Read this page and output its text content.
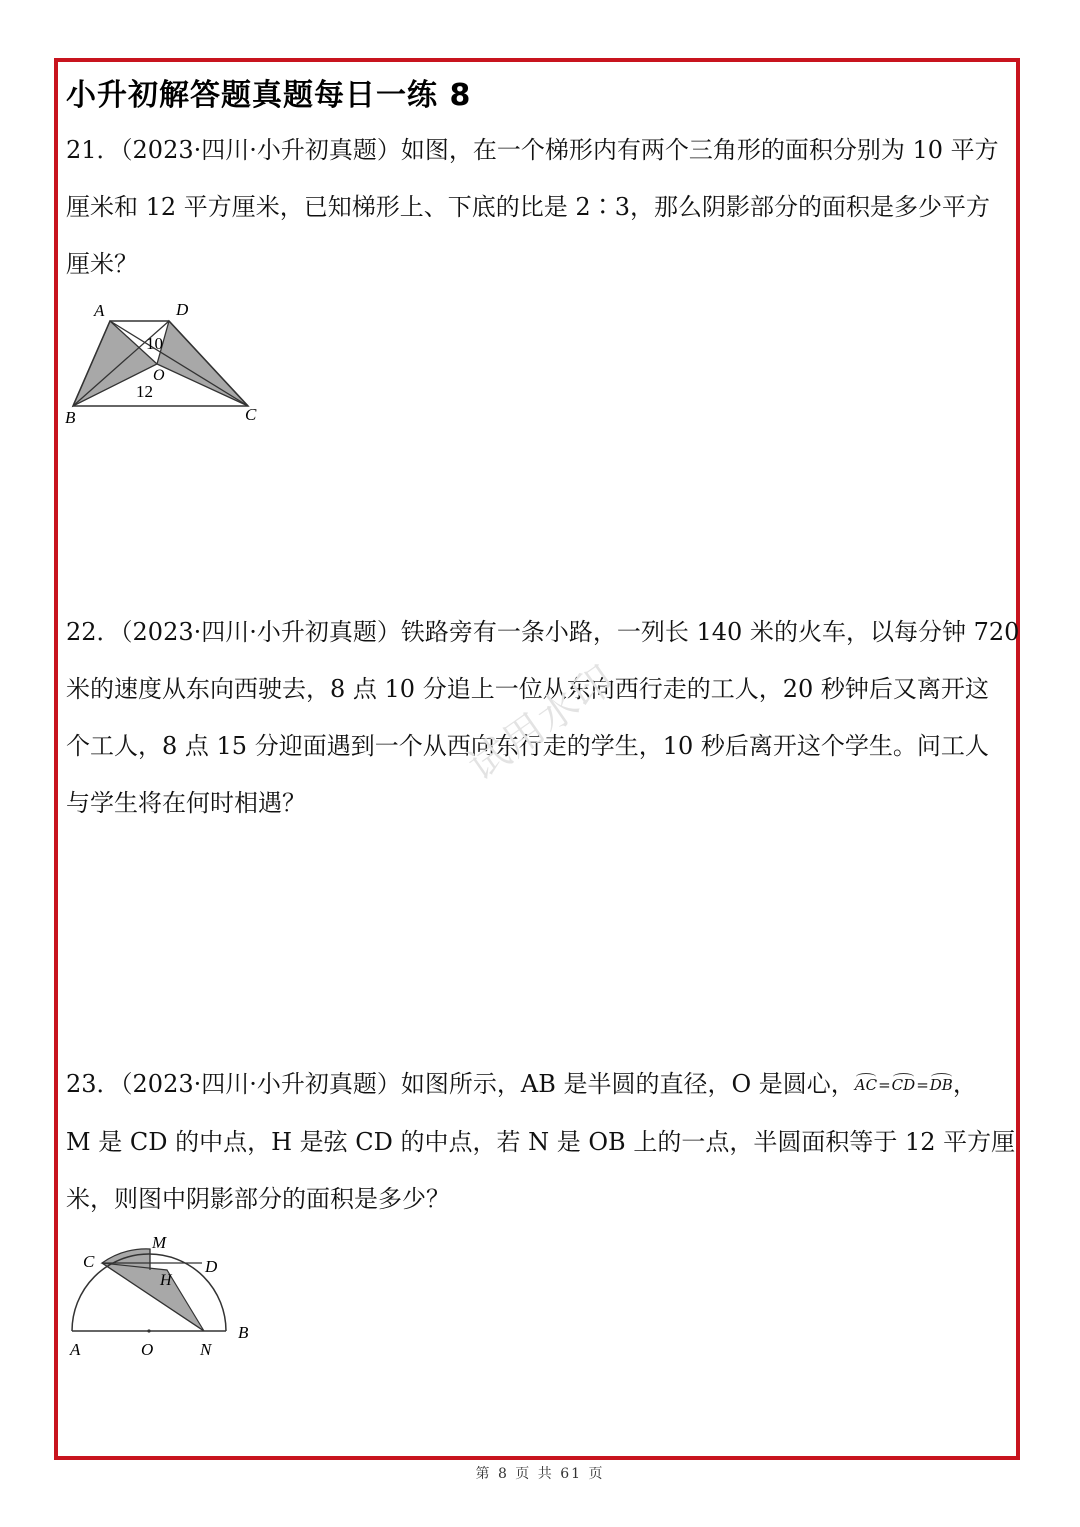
小升初解答题真题每日一练 8
21．（2023·四川·小升初真题）如图，在一个梯形内有两个三角形的面积分别为 10 平方
厘米和 12 平方厘米，已知梯形上、下底的比是 2∶3，那么阴影部分的面积是多少平方
厘米？
A	D
B	C
O
10
12
22．（2023·四川·小升初真题）铁路旁有一条小路，一列长 140 米的火车，以每分钟 720
米的速度从东向西驶去，8 点 10 分追上一位从东向西行走的工人，20 秒钟后又离开这
个工人，8 点 15 分迎面遇到一个从西向东行走的学生，10 秒后离开这个学生。问工人
与学生将在何时相遇？
试用水印
23．（2023·四川·小升初真题）如图所示，AB 是半圆的直径，O 是圆心，AC=CD=DB，
M 是 CD 的中点，H 是弦 CD 的中点，若 N 是 OB 上的一点，半圆面积等于 12 平方厘
米，则图中阴影部分的面积是多少？
C
M
D
H
A	O	N
B
第 8 页 共 61 页
